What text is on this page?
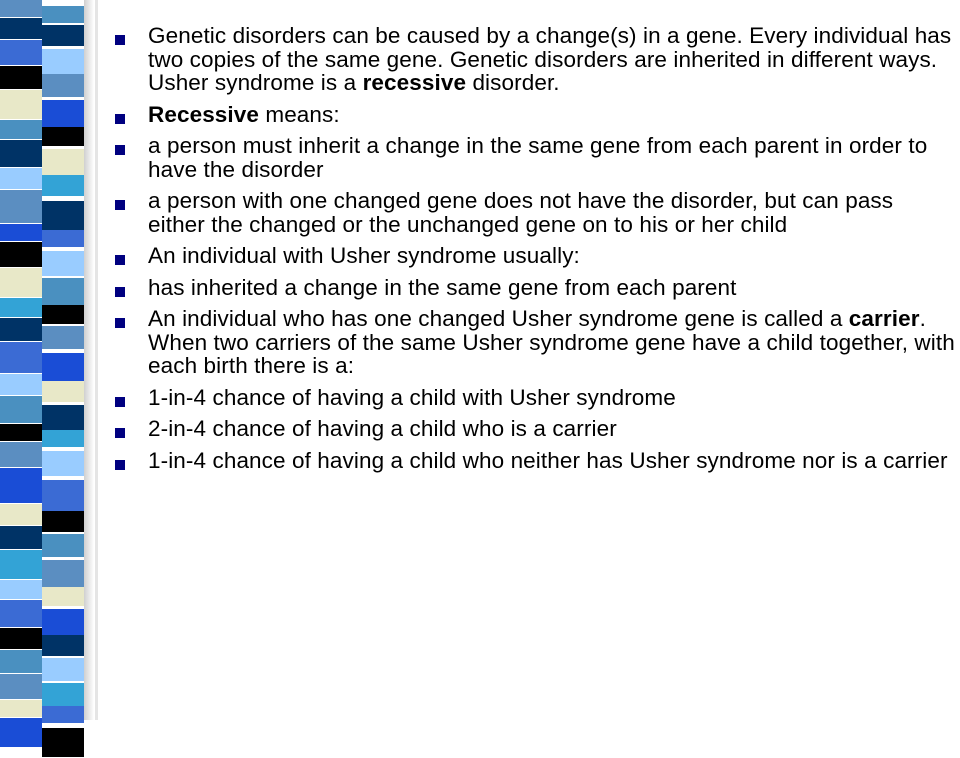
Genetic disorders can be caused by a change(s) in a gene. Every individual has two copies of the same gene. Genetic disorders are inherited in different ways. Usher syndrome is a recessive disorder.
Recessive means:
a person must inherit a change in the same gene from each parent in order to have the disorder
a person with one changed gene does not have the disorder, but can pass either the changed or the unchanged gene on to his or her child
An individual with Usher syndrome usually:
has inherited a change in the same gene from each parent
An individual who has one changed Usher syndrome gene is called a carrier. When two carriers of the same Usher syndrome gene have a child together, with each birth there is a:
1-in-4 chance of having a child with Usher syndrome
2-in-4 chance of having a child who is a carrier
1-in-4 chance of having a child who neither has Usher syndrome nor is a carrier
